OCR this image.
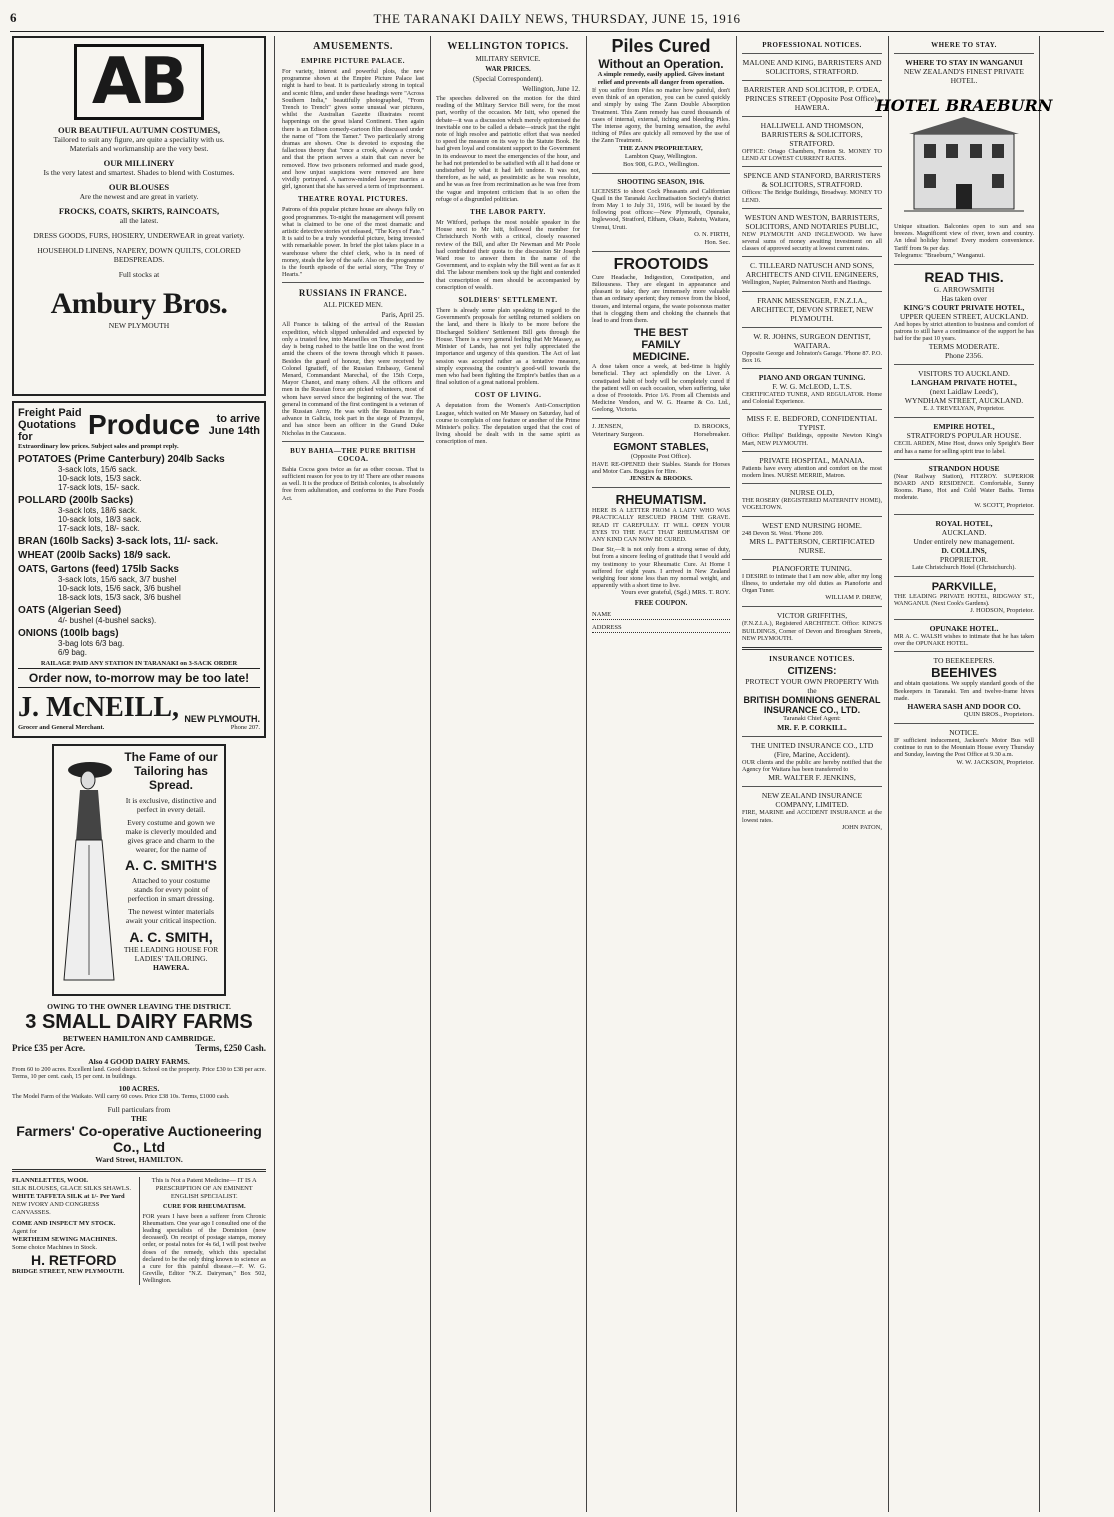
6	THE TARANAKI DAILY NEWS, THURSDAY, JUNE 15, 1916
AB
OUR BEAUTIFUL AUTUMN COSTUMES,
Tailored to suit any figure, are quite a speciality with us.
Materials and workmanship are the very best.
OUR MILLINERY
Is the very latest and smartest. Shades to blend with Costumes.
OUR BLOUSES
Are the newest and are great in variety.
FROCKS, COATS, SKIRTS, RAINCOATS,
all the latest.
DRESS GOODS, FURS, HOSIERY, UNDERWEAR in great variety.
HOUSEHOLD LINENS, NAPERY, DOWN QUILTS, COLORED BEDSPREADS.
Full stocks at
Ambury Bros.
NEW PLYMOUTH
Freight Paid Quotations for	Produce	to arrive June 14th
Extraordinary low prices. Subject sales and prompt reply.
POTATOES (Prime Canterbury) 204lb Sacks
3-sack lots, 15/6 sack.
10-sack lots, 15/3 sack.
17-sack lots, 15/- sack.
POLLARD (200lb Sacks)
3-sack lots, 18/6 sack.
10-sack lots, 18/3 sack.
17-sack lots, 18/- sack.
BRAN (160lb Sacks) 3-sack lots, 11/- sack.
WHEAT (200lb Sacks) 18/9 sack.
OATS, Gartons (feed) 175lb Sacks
3-sack lots, 15/6 sack, 3/7 bushel
10-sack lots, 15/6 sack, 3/6 bushel
18-sack lots, 15/3 sack, 3/6 bushel
OATS (Algerian Seed)
4/- bushel (4-bushel sacks).
ONIONS (100lb bags)
3-bag lots 6/3 bag.
6/9 bag.
RAILAGE PAID ANY STATION IN TARANAKI on 3-SACK ORDER
Order now, to-morrow may be too late!
J. McNEILL, NEW PLYMOUTH.
Grocer and General Merchant.	Phone 207.
The Fame of our Tailoring has Spread.
It is exclusive, distinctive and perfect in every detail.
Every costume and gown we make is cleverly moulded and gives grace and charm to the wearer, for the name of
A. C. SMITH'S
Attached to your costume stands for every point of perfection in smart dressing.
The newest winter materials await your critical inspection.
A. C. SMITH,
THE LEADING HOUSE FOR LADIES' TAILORING.
HAWERA.
OWING TO THE OWNER LEAVING THE DISTRICT.
3 SMALL DAIRY FARMS
BETWEEN HAMILTON AND CAMBRIDGE.
Price £35 per Acre.	Terms, £250 Cash.
Also 4 GOOD DAIRY FARMS.
From 60 to 200 acres. Excellent land. Good district. School on the property. Price £30 to £38 per acre. Terms, 10 per cent. cash, 15 per cent. in buildings.
100 ACRES.
The Model Farm of the Waikato. Will carry 60 cows. Price £38 10s. Terms, £1000 cash.
Full particulars from
THE
Farmers' Co-operative Auctioneering Co., Ltd
Ward Street, HAMILTON.
FLANNELETTES, WOOL
SILK BLOUSES, GLACE SILKS SHAWLS.
WHITE TAFFETA SILK at 1/- Per Yard
NEW IVORY AND CONGRESS CANVASSES.
COME AND INSPECT MY STOCK.
Agent for
WERTHEIM SEWING MACHINES.
Some choice Machines in Stock.
H. RETFORD
BRIDGE STREET, NEW PLYMOUTH.
This is Not a Patent Medicine— IT IS A PRESCRIPTION OF AN EMINENT ENGLISH SPECIALIST.
CURE FOR RHEUMATISM.
FOR years I have been a sufferer from Chronic Rheumatism. One year ago I consulted one of the leading specialists of the Dominion (now deceased). On receipt of postage stamps, money order, or postal notes for 4s 6d, I will post twelve doses of the remedy, which this specialist declared to be the only thing known to science as a cure for this painful disease.—F. W. G. Greville, Editor "N.Z. Dairyman," Box 502, Wellington.
AMUSEMENTS.
EMPIRE PICTURE PALACE.
For variety, interest and powerful plots, the new programme shown at the Empire Picture Palace last night is hard to beat. It is particularly strong in topical and scenic films, and under these headings were "Across Southern India," beautifully photographed, "From Trench to Trench" gives some unusual war pictures, whilst the Australian Gazette illustrates recent happenings on the great island Continent. Then again there is an Edison comedy-cartoon film discussed under the name of "Tom the Tamer." Two particularly strong dramas are shown. One is devoted to exposing the fallacious theory that "once a crook, always a crook," and that the prison serves a stain that can never be removed. How two prisoners reformed and made good, and how unjust suspicions were removed are here vividly portrayed. A narrow-minded lawyer marries a girl, ignorant that she has served a term of imprisonment.
THEATRE ROYAL PICTURES.
Patrons of this popular picture house are always fully on good programmes. To-night the management will present what is claimed to be one of the most dramatic and artistic detective stories yet released, "The Keys of Fate." It is said to be a truly wonderful picture, being invested with remarkable power. In brief the plot takes place in a warehouse where the chief clerk, who is in need of money, steals the key of the safe. Also on the programme is the fourth episode of the serial story, "The Trey o' Hearts."
RUSSIANS IN FRANCE.
ALL PICKED MEN.
Paris, April 25.
All France is talking of the arrival of the Russian expedition, which slipped unheralded and expected by only a trusted few, into Marseilles on Thursday, and to-day is being rushed to the battle line on the west front amid the cheers of the towns through which it passes. Besides the guard of honour, they were received by Colonel Ignatieff, of the Russian Embassy, General Menard, Commandant Marechal, of the 15th Corps, Mayor Chanot, and many others. All the officers and men in the Russian force are picked volunteers, most of whom have served since the beginning of the war. The general in command of the first contingent is a veteran of the Russian Army. He was with the Russians in the advance in Galicia, took part in the siege of Przemysl, and has since been an officer in the Grand Duke Nicholas in the Caucasus.
BUY BAHIA—THE PURE BRITISH COCOA.
Bahia Cocoa goes twice as far as other cocoas. That is sufficient reason for you to try it! There are other reasons as well. It is the produce of British colonies, is absolutely free from adulteration, and conforms to the Pure Foods Act.
WELLINGTON TOPICS.
MILITARY SERVICE.
WAR PRICES.
(Special Correspondent).
Wellington, June 12.
The speeches delivered on the motion for the third reading of the Military Service Bill were, for the most part, worthy of the occasion. Mr Isitt, who opened the debate—it was a discussion which merely epitomised the inevitable one to be called a debate—struck just the right note of high resolve and patriotic effort that was needed to speed the measure on its way to the Statute Book. He had given loyal and consistent support to the Government in its endeavour to meet the emergencies of the hour, and he had not pretended to be satisfied with all it had done or undisturbed by what it had left undone. It was not, therefore, as he said, as pessimistic as he was resolute, and he was as free from recrimination as he was free from the vague and impotent criticism that is so often the refuge of a disgruntled politician.
THE LABOR PARTY.
Mr Witford, perhaps the most notable speaker in the House next to Mr Isitt, followed the member for Christchurch North with a critical, closely reasoned review of the Bill, and after Dr Newman and Mr Poole had contributed their quota to the discussion Sir Joseph Ward rose to answer them in the name of the Government, and to explain why the Bill went as far as it did. The labour members took up the fight and contended that conscription of men should be accompanied by conscription of wealth.
SOLDIERS' SETTLEMENT.
There is already some plain speaking in regard to the Government's proposals for settling returned soldiers on the land, and there is likely to be more before the Discharged Soldiers' Settlement Bill gets through the House. There is a very general feeling that Mr Massey, as Minister of Lands, has not yet fully appreciated the importance and urgency of this question. The Act of last session was accepted rather as a tentative measure, simply expressing the country's good-will towards the men who had been fighting the Empire's battles than as a final solution of a great national problem.
COST OF LIVING.
A deputation from the Women's Anti-Conscription League, which waited on Mr Massey on Saturday, had of course to complain of one feature or another of the Prime Minister's policy. The deputation urged that the cost of living should be dealt with in the same spirit as conscription of men.
Piles Cured
Without an Operation.
A simple remedy, easily applied. Gives instant relief and prevents all danger from operation.
If you suffer from Piles no matter how painful, don't even think of an operation, you can be cured quickly and simply by using The Zann Double Absorption Treatment. This Zann remedy has cured thousands of cases of internal, external, itching and bleeding Piles. The intense agony, the burning sensation, the awful itching of Piles are quickly all removed by the use of the Zann Treatment.
THE ZANN PROPRIETARY,
Lambton Quay, Wellington.
Box 908, G.P.O., Wellington.
SHOOTING SEASON, 1916.
LICENSES to shoot Cock Pheasants and Californian Quail in the Taranaki Acclimatisation Society's district from May 1 to July 31, 1916, will be issued by the following post offices:—New Plymouth, Opunake, Inglewood, Stratford, Eltham, Okato, Rahotu, Waitara, Urenui, Uruti.
O. N. FIRTH,
Hon. Sec.
FROOTOIDS
Cure Headache, Indigestion, Constipation, and Biliousness. They are elegant in appearance and pleasant to take; they are immensely more valuable than an ordinary aperient; they remove from the blood, tissues, and internal organs, the waste poisonous matter that is clogging them and choking the channels that lead to and from them.
THE BEST
FAMILY
MEDICINE.
A dose taken once a week, at bed-time is highly beneficial. They act splendidly on the Liver. A constipated habit of body will be completely cured if the patient will on each occasion, when suffering, take a dose of Frootoids. Price 1/6. From all Chemists and Medicine Vendors, and W. G. Hearne & Co. Ltd., Geelong, Victoria.
J. JENSEN,	D. BROOKS,
Veterinary Surgeon.	Horsebreaker.
EGMONT STABLES,
(Opposite Post Office).
HAVE RE-OPENED their Stables. Stands for Horses and Motor Cars. Buggies for Hire.
JENSEN & BROOKS.
RHEUMATISM.
HERE IS A LETTER FROM A LADY WHO WAS PRACTICALLY RESCUED FROM THE GRAVE. READ IT CAREFULLY. IT WILL OPEN YOUR EYES TO THE FACT THAT RHEUMATISM OF ANY KIND CAN NOW BE CURED.
Dear Sir,—It is not only from a strong sense of duty, but from a sincere feeling of gratitude that I would add my testimony to your Rheumatic Cure. At Home I suffered for eight years. I arrived in New Zealand weighing four stone less than my normal weight, and apparently with a short time to live.
Yours ever grateful, (Sgd.) MRS. T. ROY.
FREE COUPON.
NAME
ADDRESS
PROFESSIONAL NOTICES.
MALONE AND KING, BARRISTERS AND SOLICITORS, STRATFORD.
BARRISTER AND SOLICITOR, P. O'DEA, PRINCES STREET (Opposite Post Office), HAWERA.
HALLIWELL AND THOMSON, BARRISTERS & SOLICITORS, STRATFORD.
OFFICE: Ortago Chambers, Fenton St. MONEY TO LEND AT LOWEST CURRENT RATES.
SPENCE AND STANFORD, BARRISTERS & SOLICITORS, STRATFORD.
Offices: The Bridge Buildings, Broadway. MONEY TO LEND.
WESTON AND WESTON, BARRISTERS, SOLICITORS, AND NOTARIES PUBLIC,
NEW PLYMOUTH AND INGLEWOOD. We have several sums of money awaiting investment on all classes of approved security at lowest current rates.
C. TILLEARD NATUSCH AND SONS, ARCHITECTS AND CIVIL ENGINEERS,
Wellington, Napier, Palmerston North and Hastings.
FRANK MESSENGER, F.N.Z.I.A., ARCHITECT, DEVON STREET, NEW PLYMOUTH.
W. R. JOHNS, SURGEON DENTIST, WAITARA.
Opposite George and Johnston's Garage. 'Phone 87. P.O. Box 16.
PIANO AND ORGAN TUNING.
F. W. G. McLEOD, L.T.S.
CERTIFICATED TUNER, AND REGULATOR. Home and Colonial Experience.
MISS F. E. BEDFORD, CONFIDENTIAL TYPIST.
Office: Phillips' Buildings, opposite Newton King's Mart, NEW PLYMOUTH.
PRIVATE HOSPITAL, MANAIA.
Patients have every attention and comfort on the most modern lines. NURSE MERRIE, Matron.
NURSE OLD,
THE ROSERY (REGISTERED MATERNITY HOME), VOGELTOWN.
WEST END NURSING HOME.
248 Devon St. West. 'Phone 209.
MRS L. PATTERSON, CERTIFICATED NURSE.
PIANOFORTE TUNING.
I DESIRE to intimate that I am now able, after my long illness, to undertake my old duties as Pianoforte and Organ Tuner.
WILLIAM P. DREW,
VICTOR GRIFFITHS,
(F.N.Z.I.A.), Registered ARCHITECT. Office: KING'S BUILDINGS, Corner of Devon and Brougham Streets, NEW PLYMOUTH.
INSURANCE NOTICES.
CITIZENS:
PROTECT YOUR OWN PROPERTY With the
BRITISH DOMINIONS GENERAL INSURANCE CO., LTD.
Taranaki Chief Agent:
MR. F. P. CORKILL.
THE UNITED INSURANCE CO., LTD (Fire, Marine, Accident).
OUR clients and the public are hereby notified that the Agency for Waitara has been transferred to
MR. WALTER F. JENKINS,
NEW ZEALAND INSURANCE COMPANY, LIMITED.
FIRE, MARINE and ACCIDENT INSURANCE at the lowest rates.
JOHN PATON,
WHERE TO STAY.
WHERE TO STAY IN WANGANUI
NEW ZEALAND'S FINEST PRIVATE HOTEL.
HOTEL BRAEBURN
Unique situation. Balconies open to sun and sea breezes. Magnificent view of river, town and country. An ideal holiday home! Every modern convenience. Tariff from 9s per day.
Telegrams: "Braeburn," Wanganui.
READ THIS.
G. ARROWSMITH
Has taken over
KING'S COURT PRIVATE HOTEL,
UPPER QUEEN STREET, AUCKLAND.
And hopes by strict attention to business and comfort of patrons to still have a continuance of the support he has had for the past 10 years.
TERMS MODERATE.
Phone 2356.
VISITORS TO AUCKLAND.
LANGHAM PRIVATE HOTEL,
(next Laidlaw Leeds'),
WYNDHAM STREET, AUCKLAND.
E. J. TREVELYAN, Proprietor.
EMPIRE HOTEL,
STRATFORD'S POPULAR HOUSE.
CECIL ARDEN, Mine Host, draws only Speight's Beer and has a name for selling spirit true to label.
STRANDON HOUSE
(Near Railway Station), FITZROY. SUPERIOR BOARD AND RESIDENCE. Comfortable, Sunny Rooms. Piano, Hot and Cold Water Baths. Terms moderate.
W. SCOTT, Proprietor.
ROYAL HOTEL,
AUCKLAND.
Under entirely new management.
D. COLLINS,
PROPRIETOR.
Late Christchurch Hotel (Christchurch).
PARKVILLE,
THE LEADING PRIVATE HOTEL, RIDGWAY ST., WANGANUI. (Next Cook's Gardens).
J. HODSON, Proprietor.
OPUNAKE HOTEL.
MR A. C. WALSH wishes to intimate that he has taken over the OPUNAKE HOTEL.
TO BEEKEEPERS.
BEEHIVES
and obtain quotations. We supply standard goods of the Beekeepers in Taranaki. Ten and twelve-frame hives made.
HAWERA SASH AND DOOR CO.
QUIN BROS., Proprietors.
NOTICE.
IF sufficient inducement, Jackson's Motor Bus will continue to run to the Mountain House every Thursday and Sunday, leaving the Post Office at 9.30 a.m.
W. W. JACKSON, Proprietor.
